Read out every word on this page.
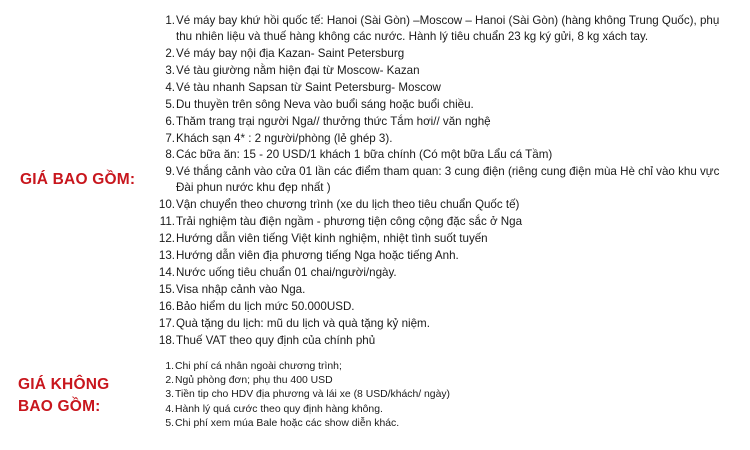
GIÁ BAO GỒM:
1. Vé máy bay khứ hồi quốc tế: Hanoi (Sài Gòn) –Moscow – Hanoi (Sài Gòn) (hàng không Trung Quốc), phụ thu nhiên liệu và thuế hàng không các nước. Hành lý tiêu chuẩn 23 kg ký gửi, 8 kg xách tay.
2. Vé máy bay nội địa Kazan- Saint Petersburg
3. Vé tàu giường nằm hiện đại từ Moscow- Kazan
4. Vé tàu nhanh Sapsan từ Saint Petersburg- Moscow
5. Du thuyền trên sông Neva vào buổi sáng hoặc buổi chiều.
6. Thăm trang trại người Nga// thưởng thức Tắm hơi// văn nghệ
7. Khách sạn 4* : 2 người/phòng (lẻ ghép 3).
8. Các bữa ăn: 15 - 20 USD/1 khách 1 bữa chính (Có một bữa Lẩu cá Tầm)
9. Vé thắng cảnh vào cửa 01 lần các điểm tham quan: 3 cung điện (riêng cung điện mùa Hè chỉ vào khu vực Đài phun nước khu đẹp nhất )
10. Vận chuyển theo chương trình (xe du lịch theo tiêu chuẩn Quốc tế)
11. Trải nghiệm tàu điện ngầm - phương tiện công cộng đặc sắc ở Nga
12. Hướng dẫn viên tiếng Việt kinh nghiệm, nhiệt tình suốt tuyến
13. Hướng dẫn viên địa phương tiếng Nga hoặc tiếng Anh.
14. Nước uống tiêu chuẩn 01 chai/người/ngày.
15. Visa nhập cảnh vào Nga.
16. Bảo hiểm du lịch mức 50.000USD.
17. Quà tặng du lịch: mũ du lịch và quà tặng kỷ niệm.
18. Thuế VAT theo quy định của chính phủ
GIÁ KHÔNG BAO GỒM:
1. Chi phí cá nhân ngoài chương trình;
2. Ngủ phòng đơn; phụ thu 400 USD
3. Tiền tip cho HDV địa phương và lái xe (8 USD/khách/ ngày)
4. Hành lý quá cước theo quy định hàng không.
5. Chi phí xem múa Bale hoặc các show diễn khác.
